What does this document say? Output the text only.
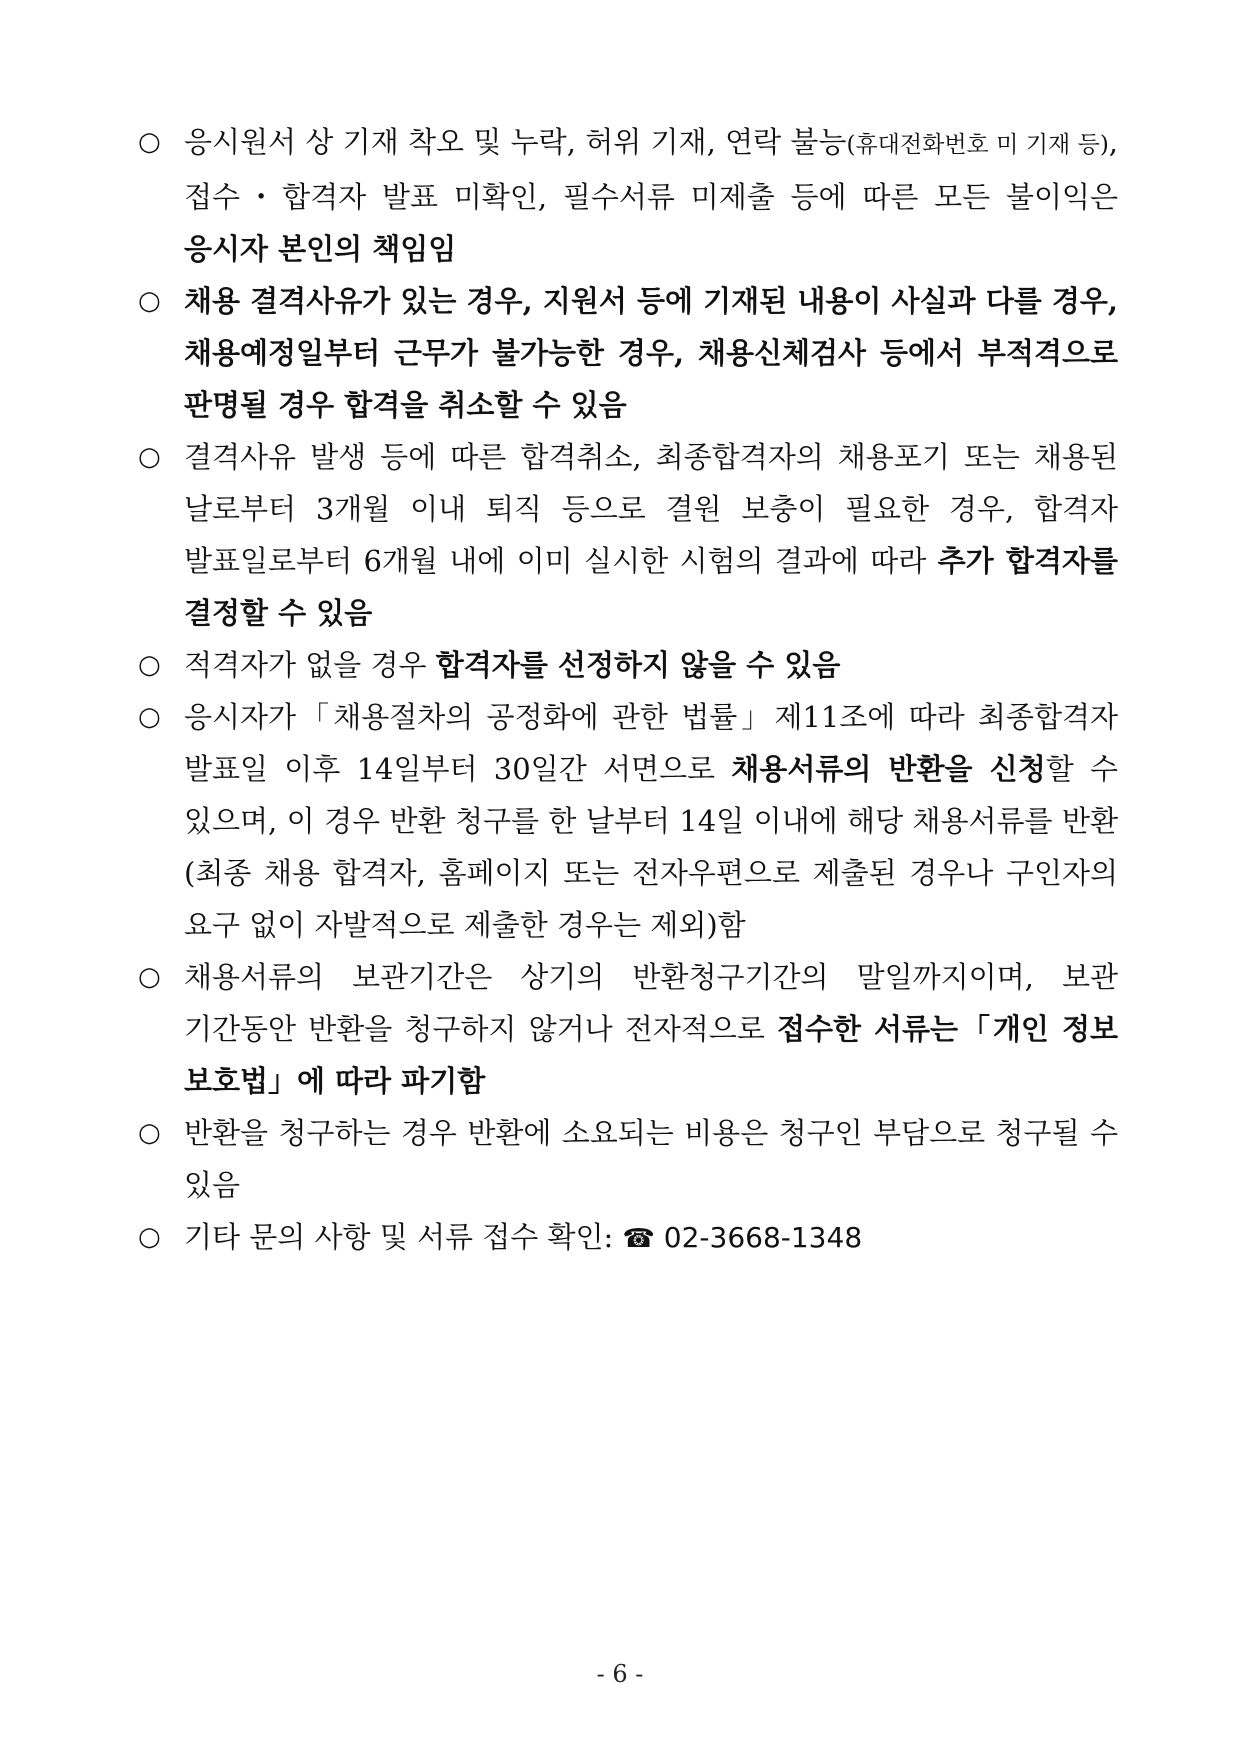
○ 응시원서 상 기재 착오 및 누락, 허위 기재, 연락 불능(휴대전화번호 미 기재 등), 접수・합격자 발표 미확인, 필수서류 미제출 등에 따른 모든 불이익은 응시자 본인의 책임임
○ 채용 결격사유가 있는 경우, 지원서 등에 기재된 내용이 사실과 다를 경우, 채용예정일부터 근무가 불가능한 경우, 채용신체검사 등에서 부적격으로 판명될 경우 합격을 취소할 수 있음
○ 결격사유 발생 등에 따른 합격취소, 최종합격자의 채용포기 또는 채용된 날로부터 3개월 이내 퇴직 등으로 결원 보충이 필요한 경우, 합격자 발표일로부터 6개월 내에 이미 실시한 시험의 결과에 따라 추가 합격자를 결정할 수 있음
○ 적격자가 없을 경우 합격자를 선정하지 않을 수 있음
○ 응시자가「채용절차의 공정화에 관한 법률」제11조에 따라 최종합격자 발표일 이후 14일부터 30일간 서면으로 채용서류의 반환을 신청할 수 있으며, 이 경우 반환 청구를 한 날부터 14일 이내에 해당 채용서류를 반환(최종 채용 합격자, 홈페이지 또는 전자우편으로 제출된 경우나 구인자의 요구 없이 자발적으로 제출한 경우는 제외)함
○ 채용서류의 보관기간은 상기의 반환청구기간의 말일까지이며, 보관 기간동안 반환을 청구하지 않거나 전자적으로 접수한 서류는「개인 정보 보호법」에 따라 파기함
○ 반환을 청구하는 경우 반환에 소요되는 비용은 청구인 부담으로 청구될 수 있음
○ 기타 문의 사항 및 서류 접수 확인: ☎ 02-3668-1348
- 6 -
